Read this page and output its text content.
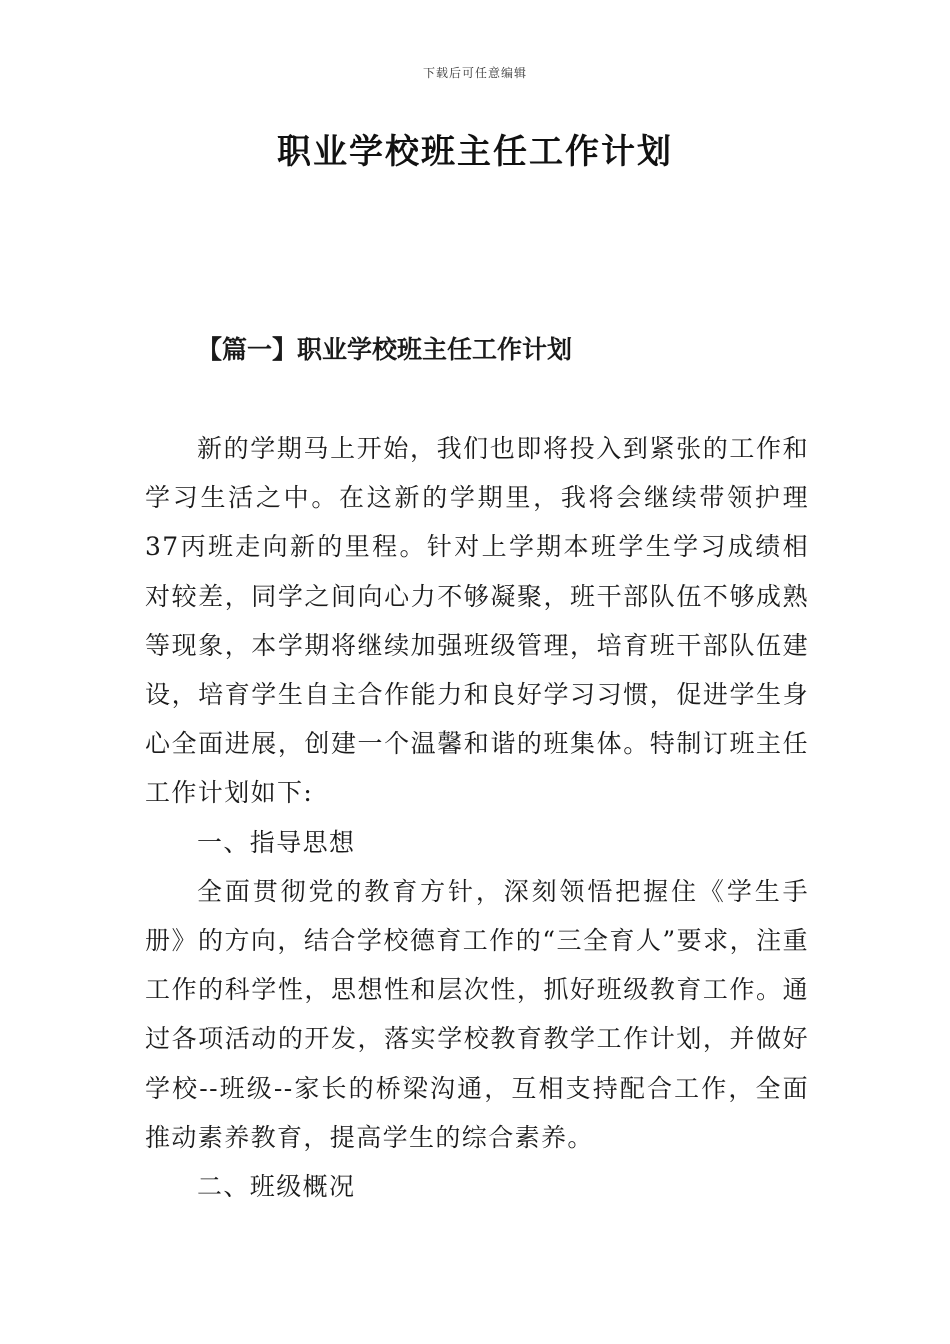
下载后可任意编辑
职业学校班主任工作计划
【篇一】职业学校班主任工作计划

新的学期马上开始，我们也即将投入到紧张的工作和学习生活之中。在这新的学期里，我将会继续带领护理37丙班走向新的里程。针对上学期本班学生学习成绩相对较差，同学之间向心力不够凝聚，班干部队伍不够成熟等现象，本学期将继续加强班级管理，培育班干部队伍建设，培育学生自主合作能力和良好学习习惯，促进学生身心全面进展，创建一个温馨和谐的班集体。特制订班主任工作计划如下:

一、指导思想

全面贯彻党的教育方针，深刻领悟把握住《学生手册》的方向，结合学校德育工作的“三全育人”要求，注重工作的科学性，思想性和层次性，抓好班级教育工作。通过各项活动的开发，落实学校教育教学工作计划，并做好学校--班级--家长的桥梁沟通，互相支持配合工作，全面推动素养教育，提高学生的综合素养。

二、班级概况
